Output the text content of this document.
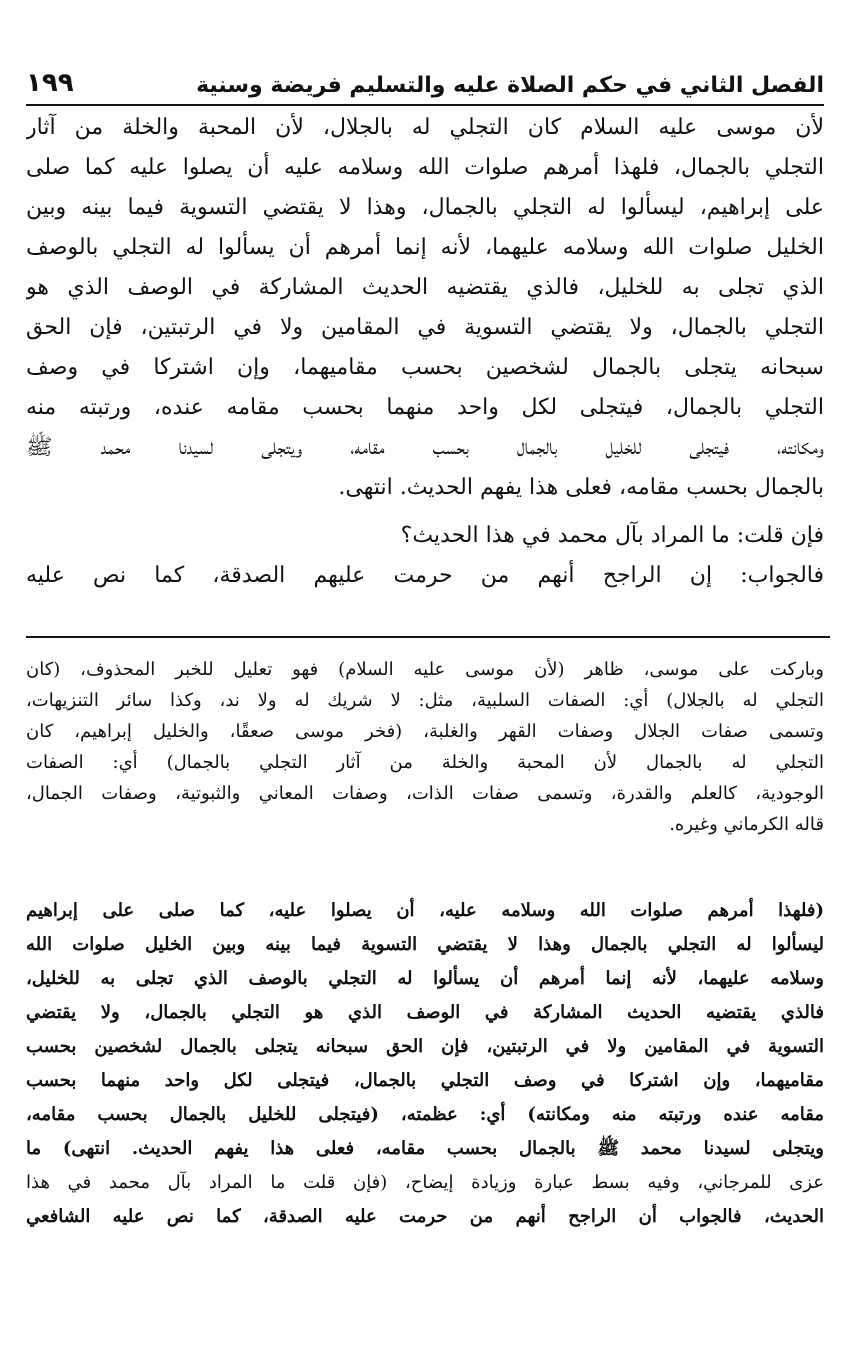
الفصل الثاني في حكم الصلاة عليه والتسليم فريضة وسنية
١٩٩
لأن موسى عليه السلام كان التجلي له بالجلال، لأن المحبة والخلة من آثار
التجلي بالجمال، فلهذا أمرهم صلوات الله وسلامه عليه أن يصلوا عليه كما صلى
على إبراهيم، ليسألوا له التجلي بالجمال، وهذا لا يقتضي التسوية فيما بينه وبين
الخليل صلوات الله وسلامه عليهما، لأنه إنما أمرهم أن يسألوا له التجلي بالوصف
الذي تجلى به للخليل، فالذي يقتضيه الحديث المشاركة في الوصف الذي هو
التجلي بالجمال، ولا يقتضي التسوية في المقامين ولا في الرتبتين، فإن الحق
سبحانه يتجلى بالجمال لشخصين بحسب مقاميهما، وإن اشتركا في وصف
التجلي بالجمال، فيتجلى لكل واحد منهما بحسب مقامه عنده، ورتبته منه
ومكانته، فيتجلى للخليل بالجمال بحسب مقامه، ويتجلى لسيدنا محمد ﷺ
بالجمال بحسب مقامه، فعلى هذا يفهم الحديث. انتهى.
فإن قلت: ما المراد بآل محمد في هذا الحديث؟
فالجواب: إن الراجح أنهم من حرمت عليهم الصدقة، كما نص عليه
وباركت على موسى، ظاهر (لأن موسى عليه السلام) فهو تعليل للخبر المحذوف، (كان
التجلي له بالجلال) أي: الصفات السلبية، مثل: لا شريك له ولا ند، وكذا سائر التنزيهات،
وتسمى صفات الجلال وصفات القهر والغلبة، (فخر موسى صعقًا، والخليل إبراهيم، كان
التجلي له بالجمال لأن المحبة والخلة من آثار التجلي بالجمال) أي: الصفات
الوجودية، كالعلم والقدرة، وتسمى صفات الذات، وصفات المعاني والثبوتية، وصفات الجمال،
قاله الكرماني وغيره.
(فلهذا أمرهم صلوات الله وسلامه عليه، أن يصلوا عليه، كما صلى على إبراهيم
ليسألوا له التجلي بالجمال وهذا لا يقتضي التسوية فيما بينه وبين الخليل صلوات الله
وسلامه عليهما، لأنه إنما أمرهم أن يسألوا له التجلي بالوصف الذي تجلى به للخليل،
فالذي يقتضيه الحديث المشاركة في الوصف الذي هو التجلي بالجمال، ولا يقتضي
التسوية في المقامين ولا في الرتبتين، فإن الحق سبحانه يتجلى بالجمال لشخصين بحسب
مقاميهما، وإن اشتركا في وصف التجلي بالجمال، فيتجلى لكل واحد منهما بحسب
مقامه عنده ورتبته منه ومكانته) أي: عظمته، (فيتجلى للخليل بالجمال بحسب مقامه،
ويتجلى لسيدنا محمد ﷺ بالجمال بحسب مقامه، فعلى هذا يفهم الحديث. انتهى) ما
عزى للمرجاني، وفيه بسط عبارة وزيادة إيضاح، (فإن قلت ما المراد بآل محمد في هذا
الحديث، فالجواب أن الراجح أنهم من حرمت عليه الصدقة، كما نص عليه الشافعي
